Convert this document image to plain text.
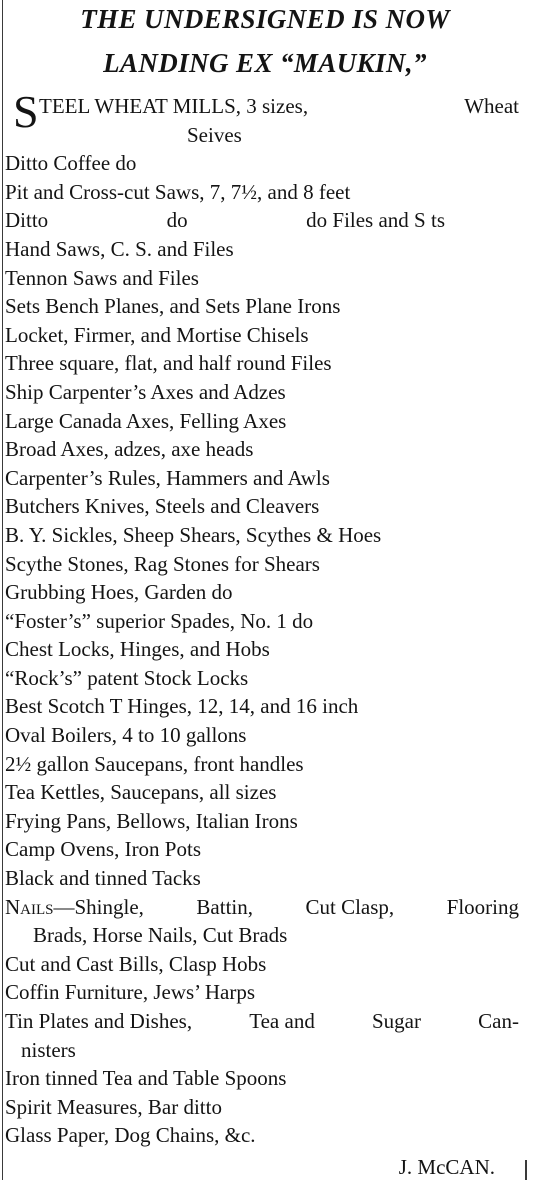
THE UNDERSIGNED IS NOW
LANDING EX “MAUKIN,”
S TEEL WHEAT MILLS, 3 sizes,	Wheat
Seives
Ditto Coffee do
Pit and Cross-cut Saws, 7, 7½, and 8 feet
Ditto	do	do Files and S ts
Hand Saws, C. S. and Files
Tennon Saws and Files
Sets Bench Planes, and Sets Plane Irons
Locket, Firmer, and Mortise Chisels
Three square, flat, and half round Files
Ship Carpenter’s Axes and Adzes
Large Canada Axes, Felling Axes
Broad Axes, adzes, axe heads
Carpenter’s Rules, Hammers and Awls
Butchers Knives, Steels and Cleavers
B. Y. Sickles, Sheep Shears, Scythes & Hoes
Scythe Stones, Rag Stones for Shears
Grubbing Hoes, Garden do
“Foster’s” superior Spades, No. 1 do
Chest Locks, Hinges, and Hobs
“Rock’s” patent Stock Locks
Best Scotch T Hinges, 12, 14, and 16 inch
Oval Boilers, 4 to 10 gallons
2½ gallon Saucepans, front handles
Tea Kettles, Saucepans, all sizes
Frying Pans, Bellows, Italian Irons
Camp Ovens, Iron Pots
Black and tinned Tacks
Nails—Shingle, Battin, Cut Clasp, Flooring
Brads, Horse Nails, Cut Brads
Cut and Cast Bills, Clasp Hobs
Coffin Furniture, Jews’ Harps
Tin Plates and Dishes,	Tea and	Sugar	Can-
nisters
Iron tinned Tea and Table Spoons
Spirit Measures, Bar ditto
Glass Paper, Dog Chains, &c.
J. McCAN.
